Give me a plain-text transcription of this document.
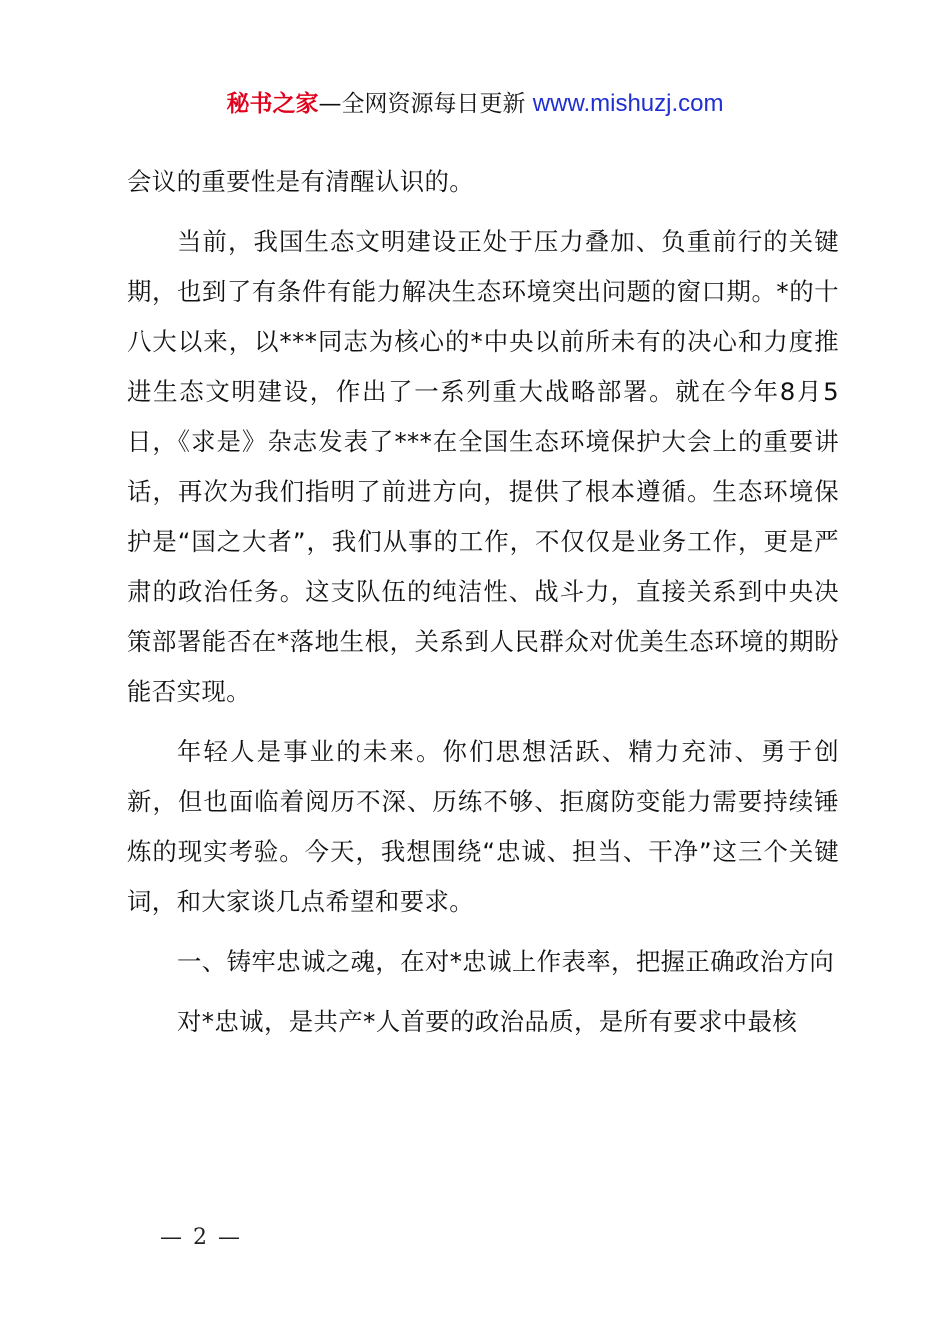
秘书之家—全网资源每日更新 www.mishuzj.com

会议的重要性是有清醒认识的。

当前，我国生态文明建设正处于压力叠加、负重前行的关键期，也到了有条件有能力解决生态环境突出问题的窗口期。*的十八大以来，以***同志为核心的*中央以前所未有的决心和力度推进生态文明建设，作出了一系列重大战略部署。就在今年8月5日，《求是》杂志发表了***在全国生态环境保护大会上的重要讲话，再次为我们指明了前进方向，提供了根本遵循。生态环境保护是“国之大者”，我们从事的工作，不仅仅是业务工作，更是严肃的政治任务。这支队伍的纯洁性、战斗力，直接关系到中央决策部署能否在*落地生根，关系到人民群众对优美生态环境的期盼能否实现。

年轻人是事业的未来。你们思想活跃、精力充沛、勇于创新，但也面临着阅历不深、历练不够、拒腐防变能力需要持续锤炼的现实考验。今天，我想围绕“忠诚、担当、干净”这三个关键词，和大家谈几点希望和要求。

一、铸牢忠诚之魂，在对*忠诚上作表率，把握正确政治方向

对*忠诚，是共产*人首要的政治品质，是所有要求中最核

— 2 —
